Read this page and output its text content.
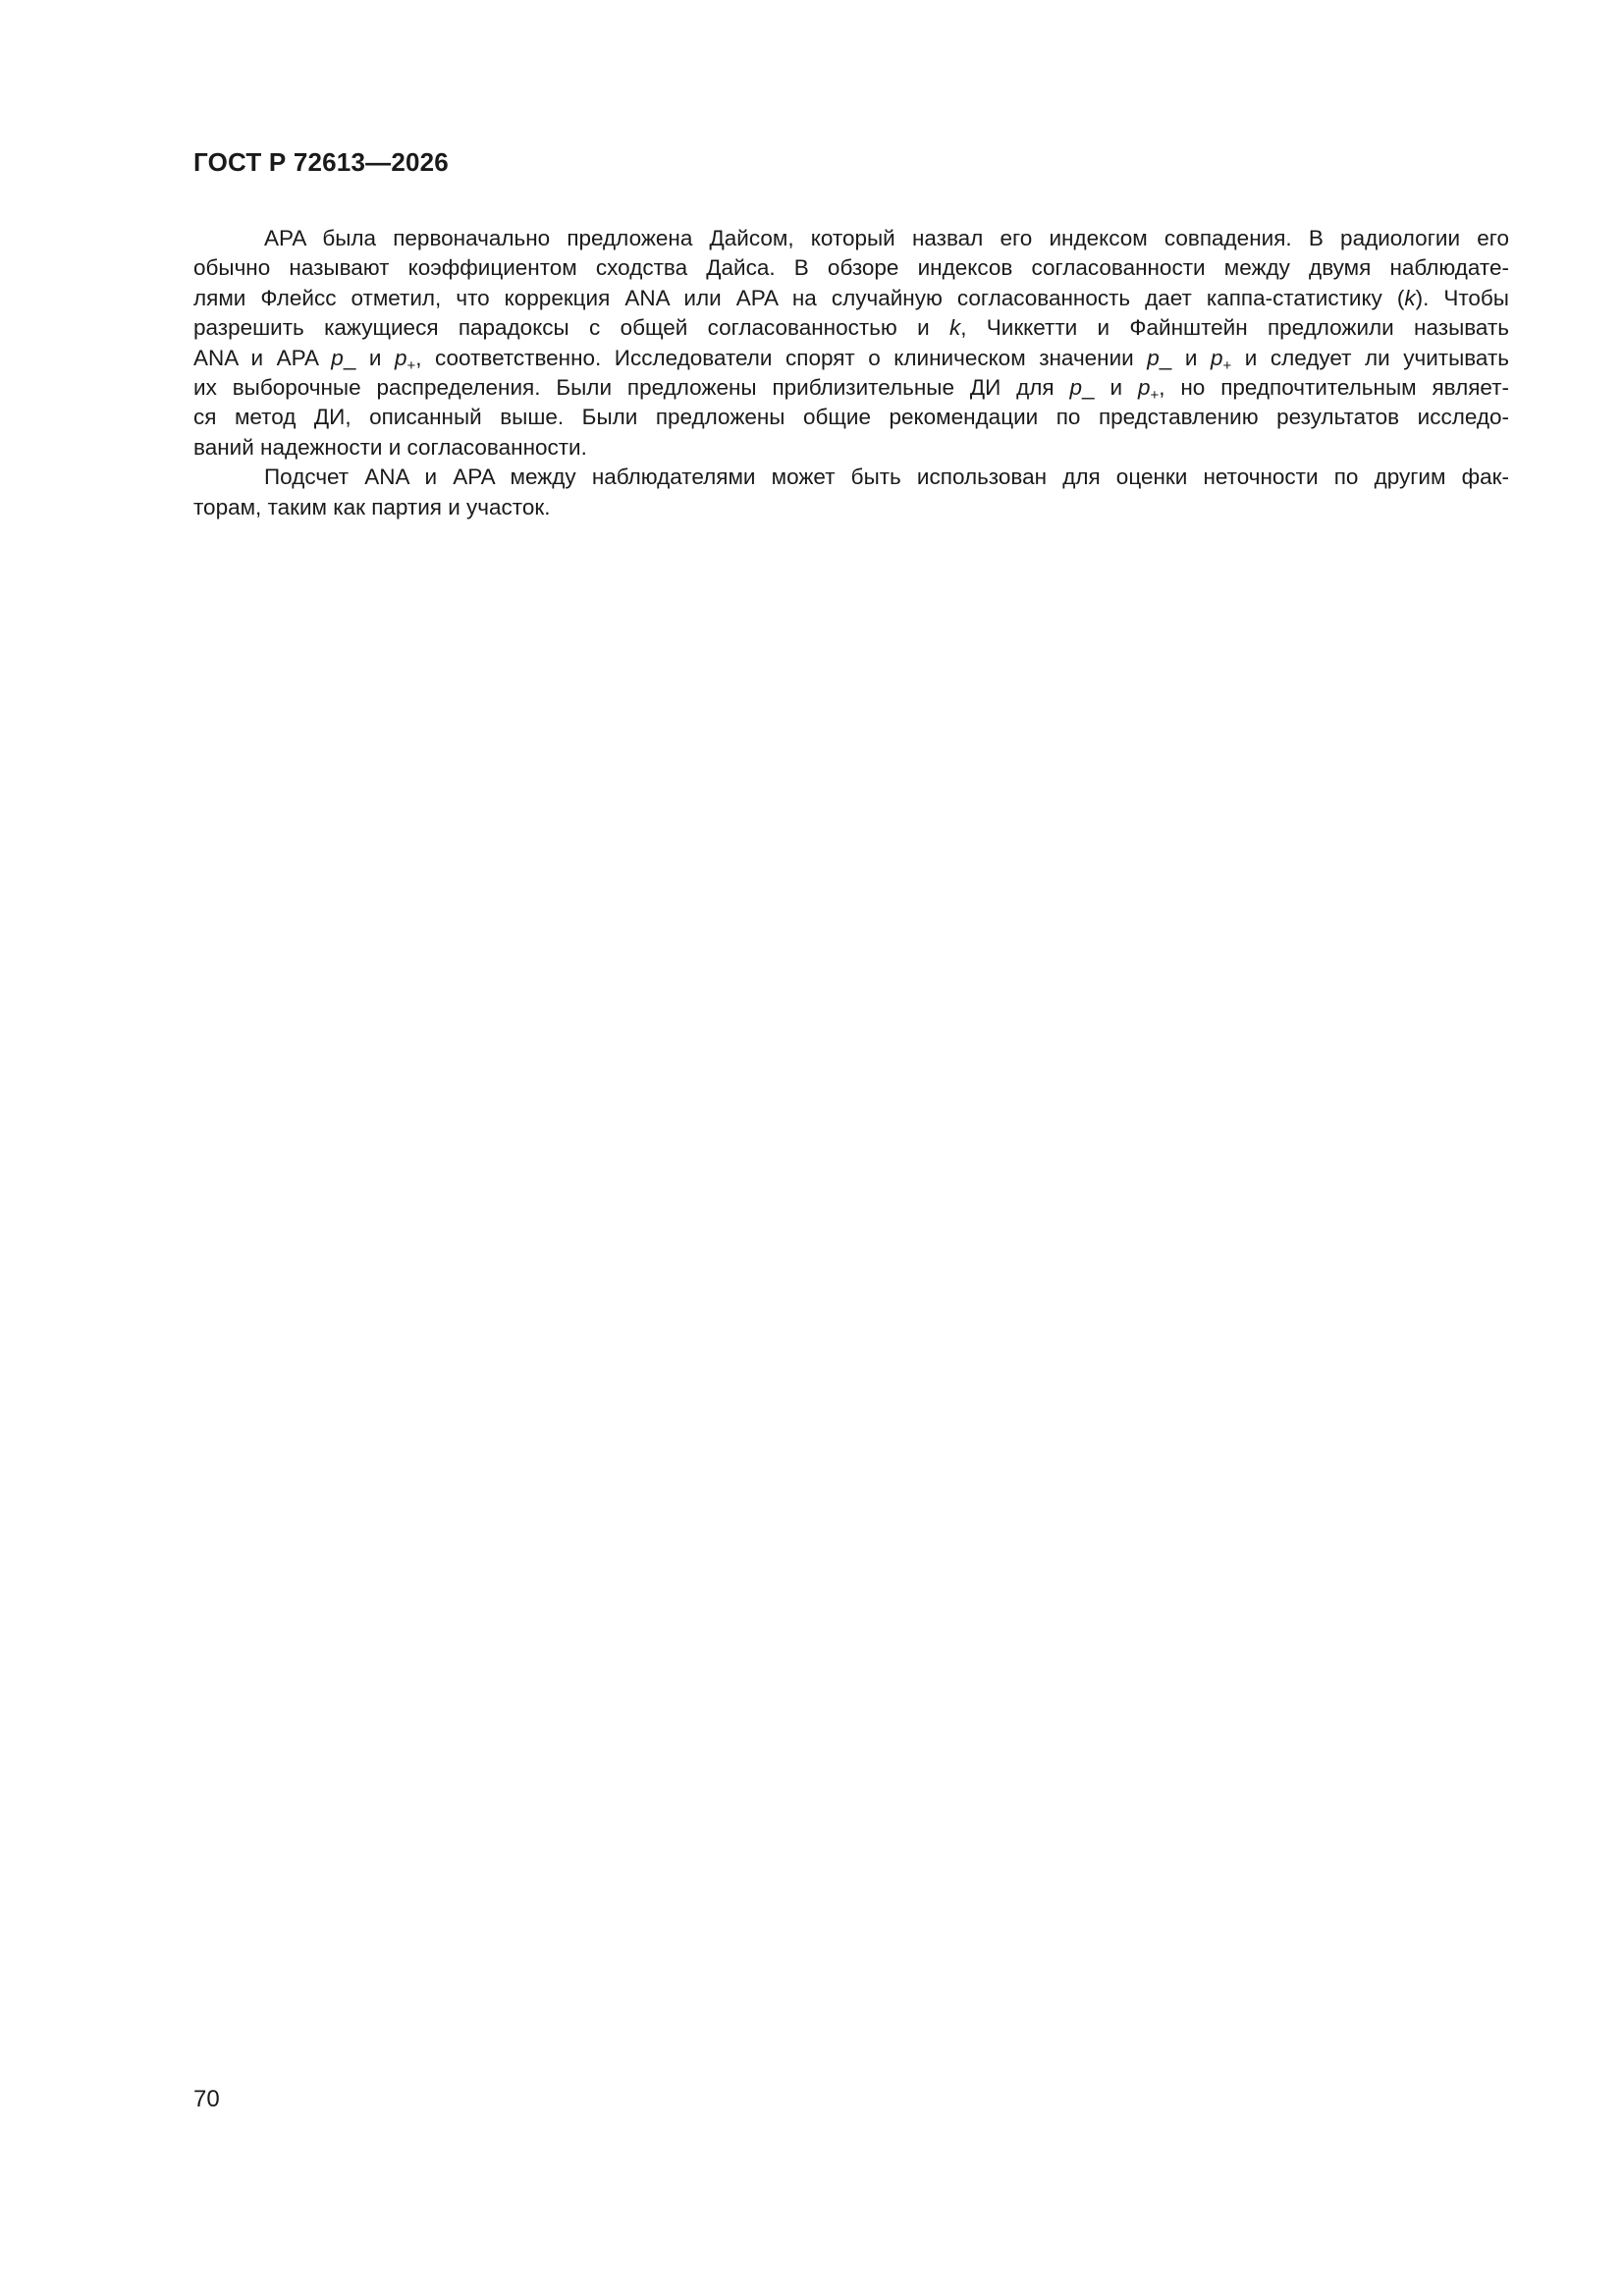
ГОСТ Р 72613—2026
APA была первоначально предложена Дайсом, который назвал его индексом совпадения. В радиологии его
обычно называют коэффициентом сходства Дайса. В обзоре индексов согласованности между двумя наблюдате-
лями Флейсс отметил, что коррекция ANA или APA на случайную согласованность дает каппа-статистику (k). Чтобы
разрешить кажущиеся парадоксы с общей согласованностью и k, Чиккетти и Файнштейн предложили называть
ANA и APA p_ и $p_+$, соответственно. Исследователи спорят о клиническом значении p_ и $p_+$ и следует ли учитывать
их выборочные распределения. Были предложены приблизительные ДИ для p_ и $p_+$, но предпочтительным являет-
ся метод ДИ, описанный выше. Были предложены общие рекомендации по представлению результатов исследо-
ваний надежности и согласованности.
Подсчет ANA и APA между наблюдателями может быть использован для оценки неточности по другим фак-
торам, таким как партия и участок.
70
